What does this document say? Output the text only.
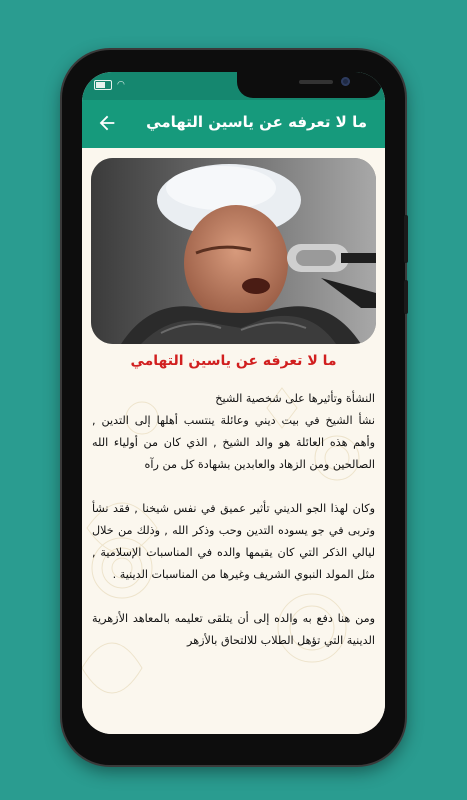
◠
ما لا تعرفه عن ياسين التهامي
ما لا تعرفه عن ياسين التهامي
النشأة وتأثيرها على شخصية الشيخ
نشأ الشيخ في بيت ديني وعائلة ينتسب أهلها إلى التدين , وأهم هذه العائلة هو والد الشيخ , الذي كان من أولياء الله الصالحين ومن الزهاد والعابدين بشهادة كل من رآه

وكان لهذا الجو الديني تأثير عميق في نفس شيخنا , فقد نشأ وتربى في جو يسوده التدين وحب وذكر الله , وذلك من خلال ليالي الذكر التي كان يقيمها والده في المناسبات الإسلامية , مثل المولد النبوي الشريف وغيرها من المناسبات الدينية .

ومن هنا دفع به والده إلى أن يتلقى تعليمه بالمعاهد الأزهرية الدينية التي تؤهل الطلاب للالتحاق بالأزهر
